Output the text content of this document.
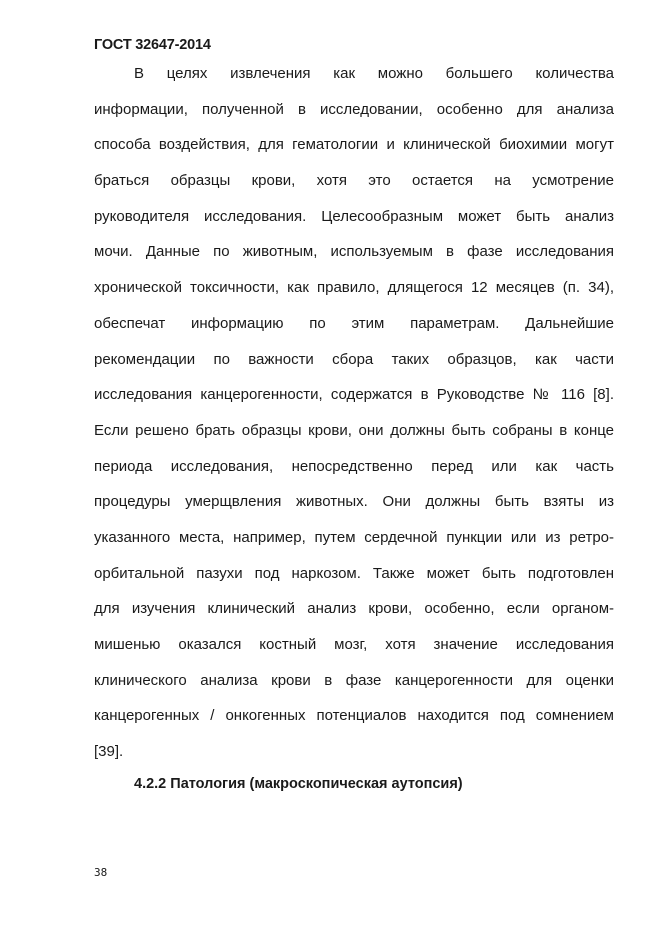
ГОСТ 32647-2014
В целях извлечения как можно большего количества
информации, полученной в исследовании, особенно для анализа
способа воздействия, для гематологии и клинической биохимии могут
браться образцы крови, хотя это остается на усмотрение
руководителя исследования. Целесообразным может быть анализ
мочи. Данные по животным, используемым в фазе исследования
хронической токсичности, как правило, длящегося 12 месяцев (п. 34),
обеспечат информацию по этим параметрам. Дальнейшие
рекомендации по важности сбора таких образцов, как части
исследования канцерогенности, содержатся в Руководстве № 116 [8].
Если решено брать образцы крови, они должны быть собраны в конце
периода исследования, непосредственно перед или как часть
процедуры умерщвления животных. Они должны быть взяты из
указанного места, например, путем сердечной пункции или из ретро-
орбитальной пазухи под наркозом. Также может быть подготовлен
для изучения клинический анализ крови, особенно, если органом-
мишенью оказался костный мозг, хотя значение исследования
клинического анализа крови в фазе канцерогенности для оценки
канцерогенных / онкогенных потенциалов находится под сомнением
[39].
4.2.2 Патология (макроскопическая аутопсия)
38
